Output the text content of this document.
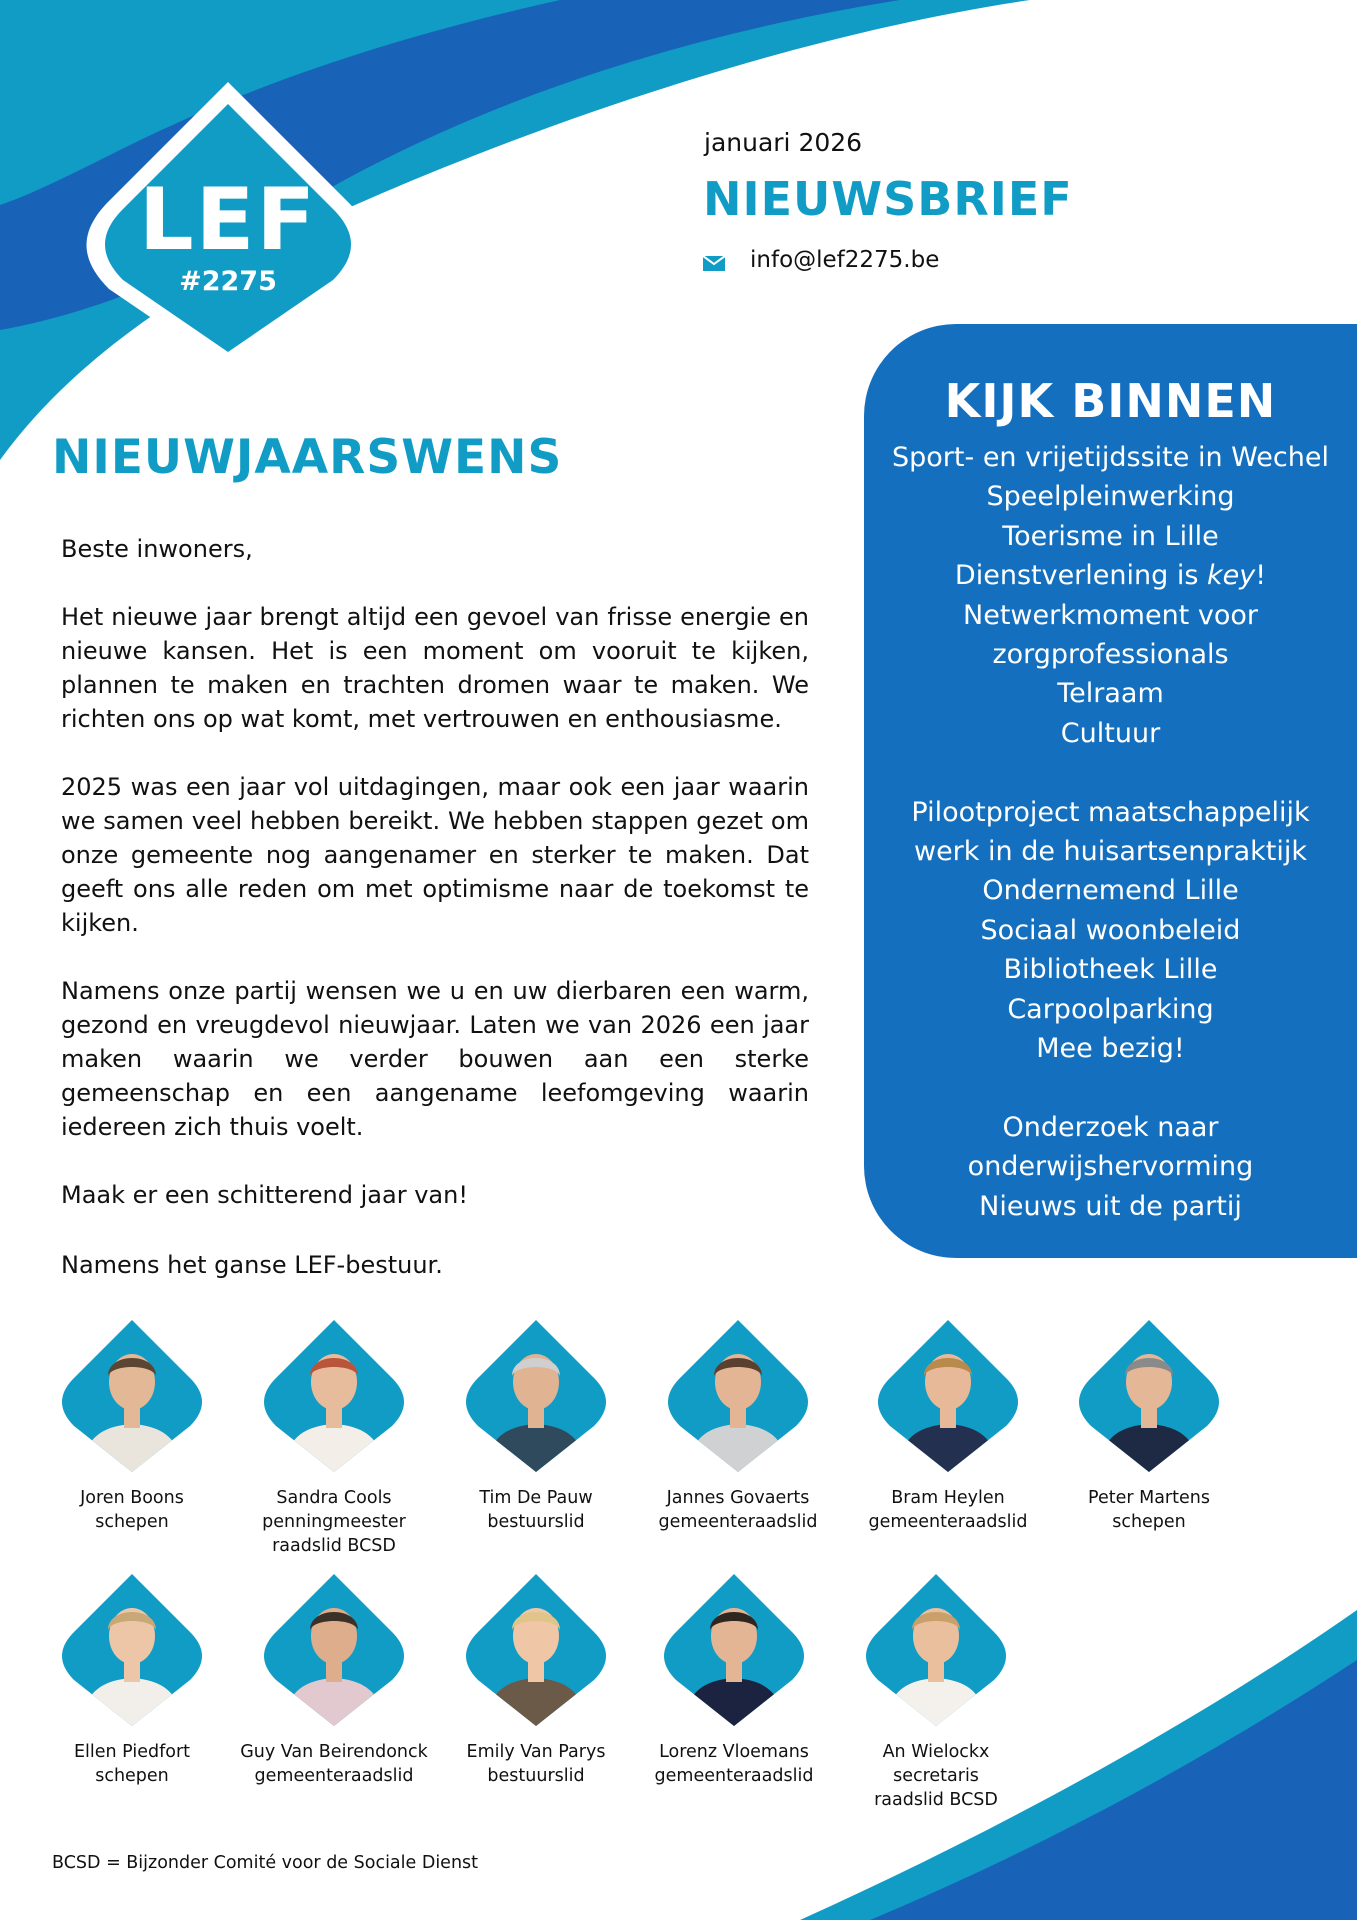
LEF
#2275
januari 2026
NIEUWSBRIEF
info@lef2275.be
KIJK BINNEN
Sport- en vrijetijdssite in Wechel
Speelpleinwerking
Toerisme in Lille
Dienstverlening is key!
Netwerkmoment voor
zorgprofessionals
Telraam
Cultuur
Pilootproject maatschappelijk
werk in de huisartsenpraktijk
Ondernemend Lille
Sociaal woonbeleid
Bibliotheek Lille
Carpoolparking
Mee bezig!
Onderzoek naar
onderwijshervorming
Nieuws uit de partij
NIEUWJAARSWENS

Beste inwoners,

Het nieuwe jaar brengt altijd een gevoel van frisse energie en nieuwe kansen. Het is een moment om vooruit te kijken, plannen te maken en trachten dromen waar te maken. We richten ons op wat komt, met vertrouwen en enthousiasme.

2025 was een jaar vol uitdagingen, maar ook een jaar waarin we samen veel hebben bereikt. We hebben stappen gezet om onze gemeente nog aangenamer en sterker te maken. Dat geeft ons alle reden om met optimisme naar de toekomst te kijken.

Namens onze partij wensen we u en uw dierbaren een warm, gezond en vreugdevol nieuwjaar. Laten we van 2026 een jaar maken waarin we verder bouwen aan een sterke gemeenschap en een aangename leefomgeving waarin iedereen zich thuis voelt.

Maak er een schitterend jaar van!

Namens het ganse LEF-bestuur.
Joren Boons
schepen
Sandra Cools
penningmeester
raadslid BCSD
Tim De Pauw
bestuurslid
Jannes Govaerts
gemeenteraadslid
Bram Heylen
gemeenteraadslid
Peter Martens
schepen
Ellen Piedfort
schepen
Guy Van Beirendonck
gemeenteraadslid
Emily Van Parys
bestuurslid
Lorenz Vloemans
gemeenteraadslid
An Wielockx
secretaris
raadslid BCSD
BCSD = Bijzonder Comité voor de Sociale Dienst
